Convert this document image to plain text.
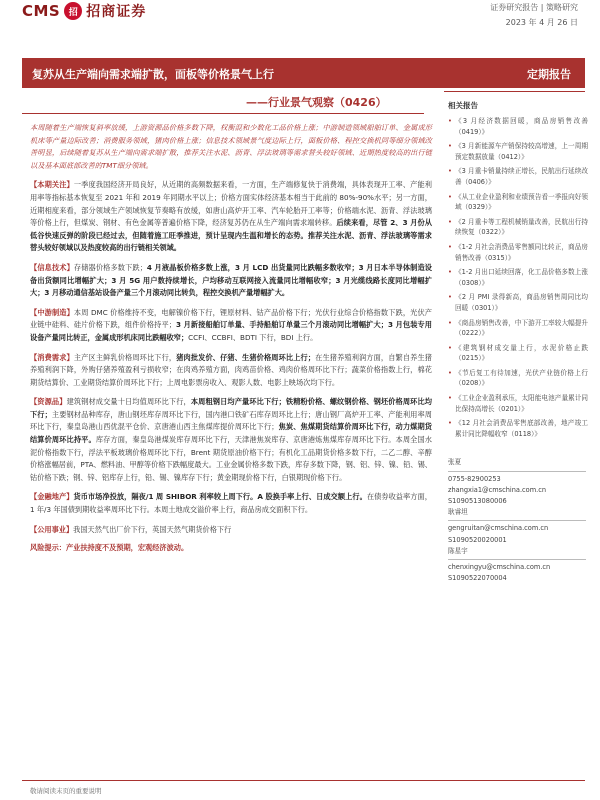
CMS 招 招商证券	证券研究报告 | 策略研究
2023 年 4 月 26 日
复苏从生产端向需求端扩散，面板等价格景气上行	定期报告
——行业景气观察（0426）

本周随着生产端恢复斜率放缓，上游资源品价格多数下降，权衡混和少数化工品价格上涨；中游制造领域船舶订单、金属成形机床等产量边际改善；消费服务领域，猪肉价格上涨；信息技术领域景气度边际上行，面板价格、程控交换机同等细分领域改善明显，后续随着复苏从生产端向需求端扩散，推荐关注水泥、沥青、浮法玻璃等需求替头较好领域、近期热度较高的出行链以及基本面底部改善的TMT细分领域。

【本期关注】一季度我国经济开局良好，从近期的高频数据来看，一方面，生产端修复快于消费端，具体表现开工率、产能利用率等指标基本恢复至 2021 年和 2019 年同期水平以上；价格方面实体经济基本相当于此前的 80%-90%水平；另一方面，近期相度来看，部分领域生产领域恢复节奏略有放缓，如唐山高炉开工率、汽车轮胎开工率等；价格端水泥、沥青、浮法玻璃等价格上行，但煤炭、钢材、有色金属等普遍价格下降，经济复苏仍在从生产端向需求端转移。后续来看，尽管 2、3 月份从低谷快速反弹的阶段已经过去，但随着施工旺季推进，预计呈现内生温和增长的态势。推荐关注水泥、沥青、浮法玻璃等需求替头较好领域以及热度较高的出行链相关领域。

【信息技术】存储器价格多数下跌；4 月液晶板价格多数上涨，3 月 LCD 出货量同比跌幅多数收窄；3 月日本半导体制造设备出货额同比增幅扩大；3 月 5G 用户数持续增长，户均移动互联网接入流量同比增幅收窄；3 月光缆线路长度同比增幅扩大；3 月移动通信基站设备产量三个月滚动同比转负，程控交换机产量增幅扩大。

【中游制造】本周 DMC 价格维持不变，电解镍价格下行，锂原材料、钴产品价格下行；光伏行业综合价格指数下跌，光伏产业链中硅料、硅片价格下跌，组件价格持平；3 月新接船舶订单量、手持船舶订单量三个月滚动同比增幅扩大；3 月包装专用设备产量同比转正，金属成形机床同比跌幅收窄；CCFI、CCBFI、BDTI 下行，BDI 上行。

【消费需求】主产区主鲜乳价格周环比下行，猪肉批发价、仔猪、生猪价格周环比上行；在生猪养殖利润方面，自繁自养生猪养殖利润下降，外购仔猪养殖盈利亏损收窄；在肉鸡养殖方面，肉鸡苗价格、鸡肉价格周环比下行；蔬菜价格指数上行，棉花期货结算价、工业期货结算价周环比下行；上周电影票房收入、观影人数、电影上映场次均下行。

【资源品】建筑钢材成交量十日均值周环比下行，本周粗钢日均产量环比下行；铁精粉价格、螺纹钢价格、钢坯价格周环比均下行；主要钢材品种库存，唐山钢坯库存周环比下行，国内港口铁矿石库存周环比上行；唐山钢厂高炉开工率、产能利用率周环比下行，秦皇岛港山西优混平仓价、京唐港山西主焦煤库提价周环比下行；焦炭、焦煤期货结算价周环比下行，动力煤期货结算价周环比持平。库存方面，秦皇岛港煤炭库存周环比下行，天津港焦炭库存、京唐港炼焦煤库存周环比下行。本周全国水泥价格指数下行，浮法平板玻璃价格周环比下行，Brent 期货原油价格下行；有机化工品期货价格多数下行，二乙二醇、辛醇价格涨幅居前，PTA、燃料油、甲醇等价格下跌幅度最大。工业金属价格多数下跌，库存多数下降，钢、铝、锌、镍、铅、锡、钴价格下跌；钢、锌、铝库存上行，铅、锡、镍库存下行；黄金期现价格下行，白银期现价格下行。

【金融地产】货币市场净投放，隔夜/1 周 SHIBOR 利率较上周下行。A 股换手率上行、日成交额上行。在债券收益率方面，1 年/3 年国债到期收益率周环比下行。本周土地成交溢价率上行，商品房成交面积下行。

【公用事业】我国天然气出厂价下行，英国天然气期货价格下行

风险提示：产业扶持度不及预期，宏观经济波动。

相关报告
• 《3 月经济数据回暖，商品房销售改善（0419）》
• 《3 月新能源车产销保持较高增速，上一周期预定数据放量（0412）》
• 《3 月重卡销量持续正增长，民航出行延续改善（0406）》
• 《从工业企业盈利和业绩预告看一季报向好领域（0329）》
• 《2 月重卡等工程机械销量改善，民航出行持续恢复（0322）》
• 《1-2 月社会消费品零售额同比转正，商品房销售改善（0315）》
• 《1-2 月出口延续回落，化工品价格多数上涨（0308）》
• 《2 月 PMI 录得新高，商品房销售周同比均回暖（0301）》
• 《商品房销售改善，中下游开工率较大幅提升（0222）》
• 《建筑钢材成交量上行，水泥价格止跌（0215）》
• 《节后复工有待加速，光伏产业链价格上行（0208）》
• 《工业企业盈利承压，太阳能电池产量累计同比保持高增长（0201）》
• 《12 月社会消费品零售底部改善，地产竣工累计同比降幅收窄（0118）》
张夏
0755-82900253
zhangxia1@cmschina.com.cn
S1090513080006
耿睿坦
gengruitan@cmschina.com.cn
S1090520020001
陈星宇
chenxingyu@cmschina.com.cn
S1090522070004
敬请阅读末页的重要说明
